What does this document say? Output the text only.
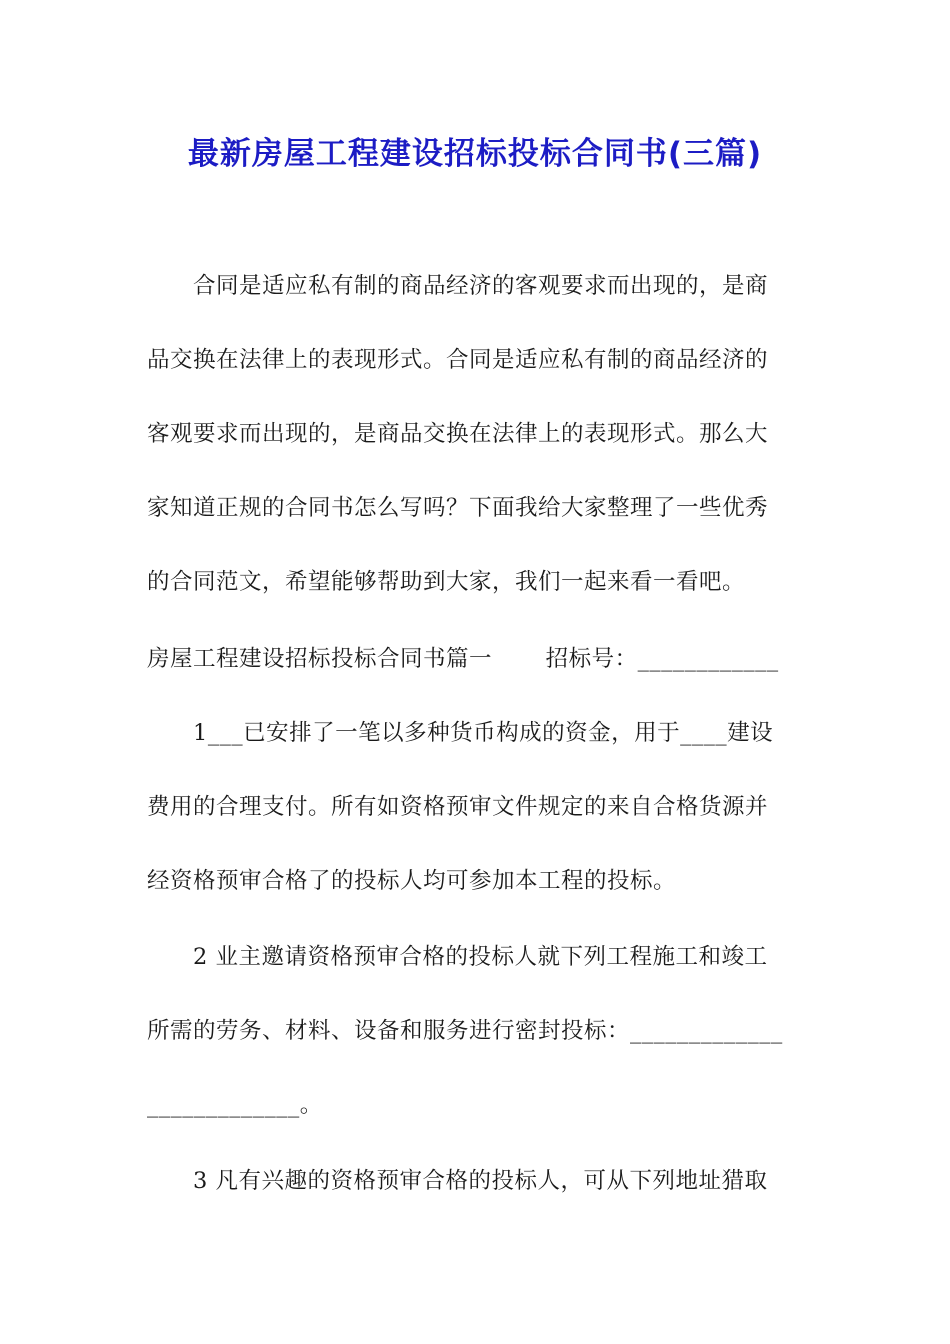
最新房屋工程建设招标投标合同书(三篇)
　　合同是适应私有制的商品经济的客观要求而出现的，是商
品交换在法律上的表现形式。合同是适应私有制的商品经济的
客观要求而出现的，是商品交换在法律上的表现形式。那么大
家知道正规的合同书怎么写吗？下面我给大家整理了一些优秀
的合同范文，希望能够帮助到大家，我们一起来看一看吧。
房屋工程建设招标投标合同书篇一　　 招标号：____________
　　1___已安排了一笔以多种货币构成的资金，用于____建设
费用的合理支付。所有如资格预审文件规定的来自合格货源并
经资格预审合格了的投标人均可参加本工程的投标。
　　2 业主邀请资格预审合格的投标人就下列工程施工和竣工
所需的劳务、材料、设备和服务进行密封投标：_____________
_____________。
　　3 凡有兴趣的资格预审合格的投标人，可从下列地址猎取
